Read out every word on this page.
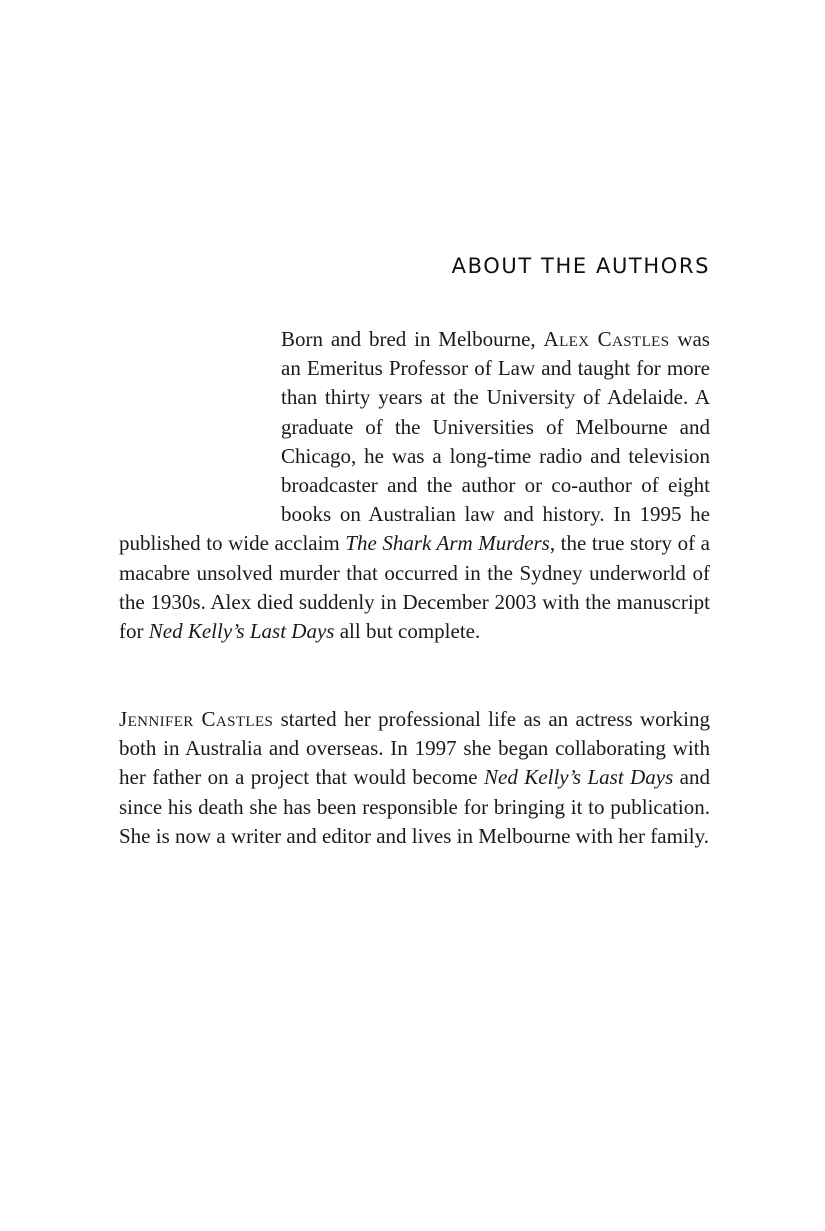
ABOUT THE AUTHORS

Born and bred in Melbourne, Alex Castles was an Emeritus Professor of Law and taught for more than thirty years at the University of Adelaide. A graduate of the Universities of Melbourne and Chicago, he was a long-time radio and television broadcaster and the author or co-author of eight books on Australian law and history. In 1995 he published to wide acclaim The Shark Arm Murders, the true story of a macabre unsolved murder that occurred in the Sydney underworld of the 1930s. Alex died suddenly in December 2003 with the manuscript for Ned Kelly’s Last Days all but complete.

Jennifer Castles started her professional life as an actress working both in Australia and overseas. In 1997 she began collaborating with her father on a project that would become Ned Kelly’s Last Days and since his death she has been responsible for bringing it to publication. She is now a writer and editor and lives in Melbourne with her family.
